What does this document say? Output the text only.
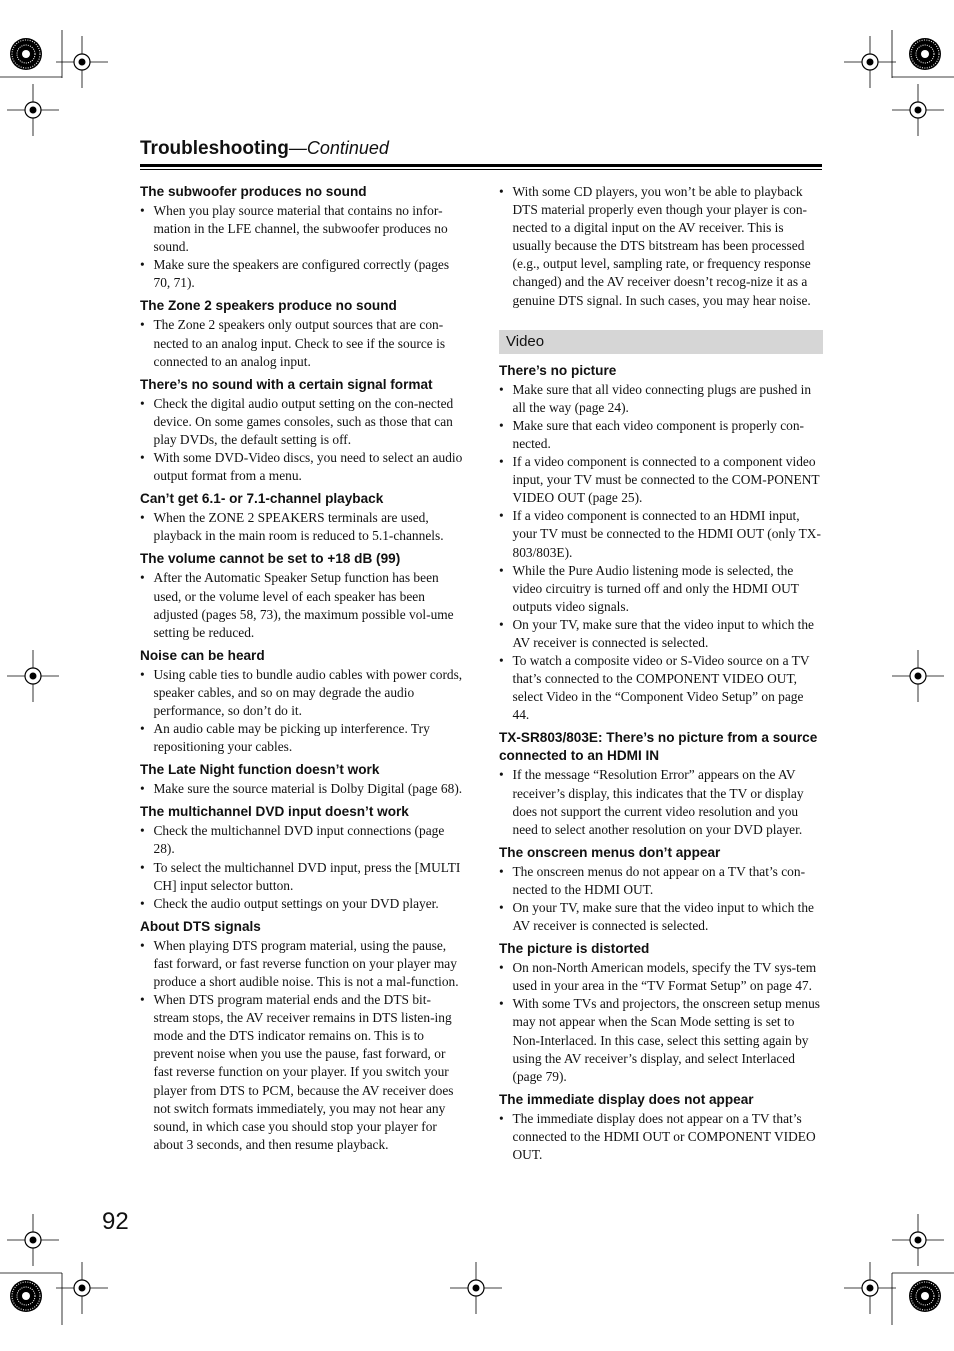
Troubleshooting—Continued
The subwoofer produces no sound
• When you play source material that contains no infor-mation in the LFE channel, the subwoofer produces no sound.
• Make sure the speakers are configured correctly (pages 70, 71).
The Zone 2 speakers produce no sound
• The Zone 2 speakers only output sources that are con-nected to an analog input. Check to see if the source is connected to an analog input.
There’s no sound with a certain signal format
• Check the digital audio output setting on the con-nected device. On some games consoles, such as those that can play DVDs, the default setting is off.
• With some DVD-Video discs, you need to select an audio output format from a menu.
Can’t get 6.1- or 7.1-channel playback
• When the ZONE 2 SPEAKERS terminals are used, playback in the main room is reduced to 5.1-channels.
The volume cannot be set to +18 dB (99)
• After the Automatic Speaker Setup function has been used, or the volume level of each speaker has been adjusted (pages 58, 73), the maximum possible vol-ume setting be reduced.
Noise can be heard
• Using cable ties to bundle audio cables with power cords, speaker cables, and so on may degrade the audio performance, so don’t do it.
• An audio cable may be picking up interference. Try repositioning your cables.
The Late Night function doesn’t work
• Make sure the source material is Dolby Digital (page 68).
The multichannel DVD input doesn’t work
• Check the multichannel DVD input connections (page 28).
• To select the multichannel DVD input, press the [MULTI CH] input selector button.
• Check the audio output settings on your DVD player.
About DTS signals
• When playing DTS program material, using the pause, fast forward, or fast reverse function on your player may produce a short audible noise. This is not a mal-function.
• When DTS program material ends and the DTS bit-stream stops, the AV receiver remains in DTS listen-ing mode and the DTS indicator remains on. This is to prevent noise when you use the pause, fast forward, or fast reverse function on your player. If you switch your player from DTS to PCM, because the AV receiver does not switch formats immediately, you may not hear any sound, in which case you should stop your player for about 3 seconds, and then resume playback.
• With some CD players, you won’t be able to playback DTS material properly even though your player is con-nected to a digital input on the AV receiver. This is usually because the DTS bitstream has been processed (e.g., output level, sampling rate, or frequency response changed) and the AV receiver doesn’t recog-nize it as a genuine DTS signal. In such cases, you may hear noise.
Video
There’s no picture
• Make sure that all video connecting plugs are pushed in all the way (page 24).
• Make sure that each video component is properly con-nected.
• If a video component is connected to a component video input, your TV must be connected to the COM-PONENT VIDEO OUT (page 25).
• If a video component is connected to an HDMI input, your TV must be connected to the HDMI OUT (only TX-803/803E).
• While the Pure Audio listening mode is selected, the video circuitry is turned off and only the HDMI OUT outputs video signals.
• On your TV, make sure that the video input to which the AV receiver is connected is selected.
• To watch a composite video or S-Video source on a TV that’s connected to the COMPONENT VIDEO OUT, select Video in the “Component Video Setup” on page 44.
TX-SR803/803E: There’s no picture from a source connected to an HDMI IN
• If the message “Resolution Error” appears on the AV receiver’s display, this indicates that the TV or display does not support the current video resolution and you need to select another resolution on your DVD player.
The onscreen menus don’t appear
• The onscreen menus do not appear on a TV that’s con-nected to the HDMI OUT.
• On your TV, make sure that the video input to which the AV receiver is connected is selected.
The picture is distorted
• On non-North American models, specify the TV sys-tem used in your area in the “TV Format Setup” on page 47.
• With some TVs and projectors, the onscreen setup menus may not appear when the Scan Mode setting is set to Non-Interlaced. In this case, select this setting again by using the AV receiver’s display, and select Interlaced (page 79).
The immediate display does not appear
• The immediate display does not appear on a TV that’s connected to the HDMI OUT or COMPONENT VIDEO OUT.
92
